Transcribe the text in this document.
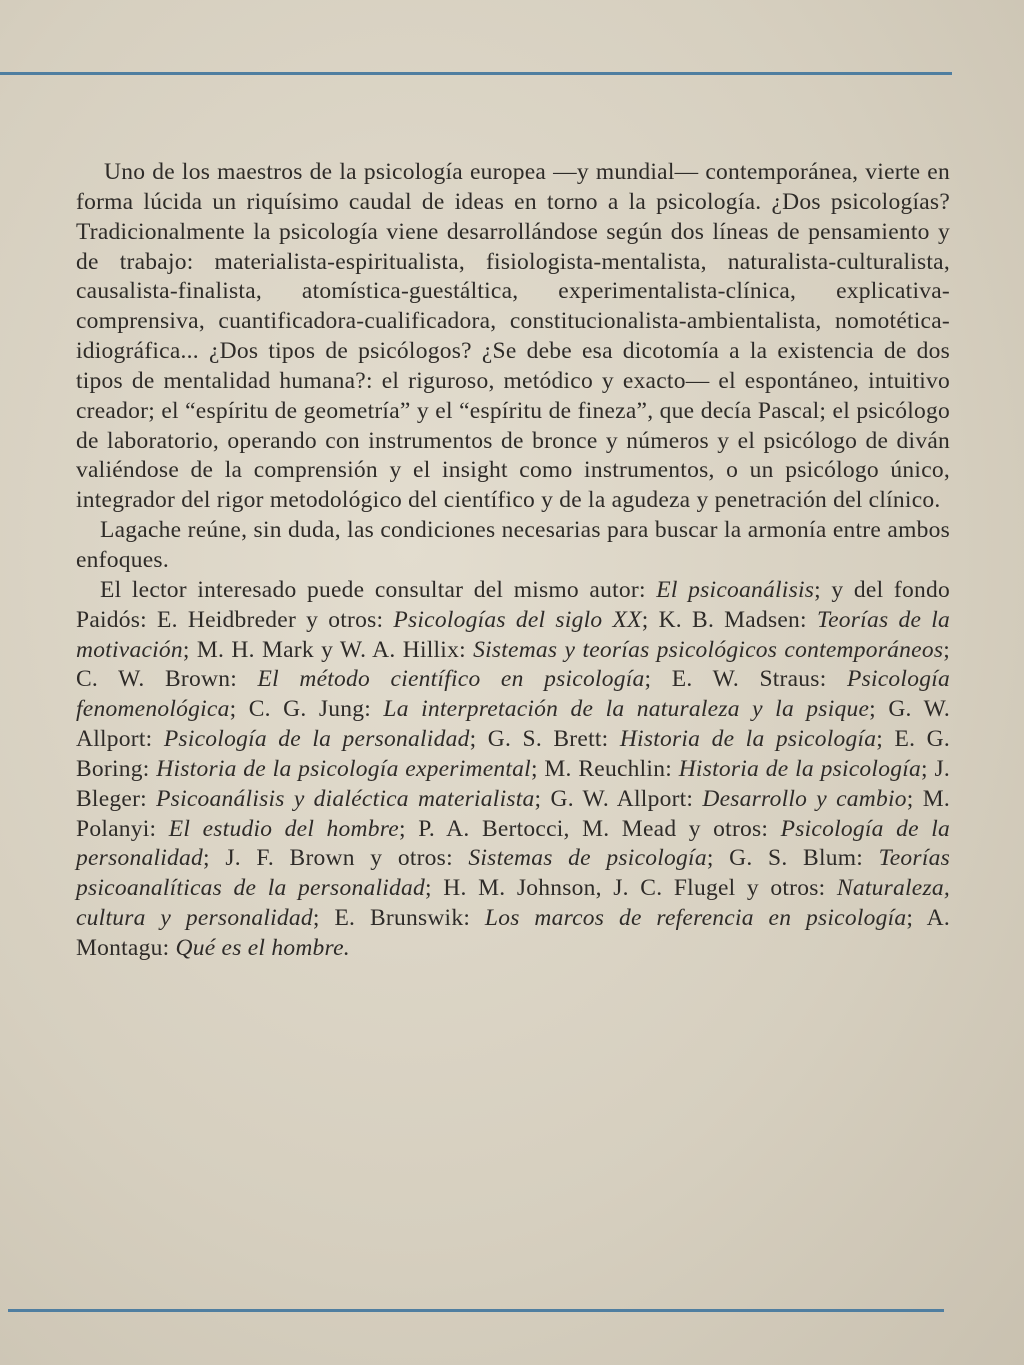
Uno de los maestros de la psicología europea —y mundial— contemporánea, vierte en forma lúcida un riquísimo caudal de ideas en torno a la psicología. ¿Dos psicologías? Tradicionalmente la psicología viene desarrollándose según dos líneas de pensamiento y de trabajo: materialista-espiritualista, fisiologista-mentalista, naturalista-culturalista, causalista-finalista, atomística-guestáltica, experimentalista-clínica, explicativa-comprensiva, cuantificadora-cualificadora, constitucionalista-ambientalista, nomotética-idiográfica... ¿Dos tipos de psicólogos? ¿Se debe esa dicotomía a la existencia de dos tipos de mentalidad humana?: el riguroso, metódico y exacto— el espontáneo, intuitivo creador; el “espíritu de geometría” y el “espíritu de fineza”, que decía Pascal; el psicólogo de laboratorio, operando con instrumentos de bronce y números y el psicólogo de diván valiéndose de la comprensión y el insight como instrumentos, o un psicólogo único, integrador del rigor metodológico del científico y de la agudeza y penetración del clínico.

Lagache reúne, sin duda, las condiciones necesarias para buscar la armonía entre ambos enfoques.

El lector interesado puede consultar del mismo autor: El psicoanálisis; y del fondo Paidós: E. Heidbreder y otros: Psicologías del siglo XX; K. B. Madsen: Teorías de la motivación; M. H. Mark y W. A. Hillix: Sistemas y teorías psicológicos contemporáneos; C. W. Brown: El método científico en psicología; E. W. Straus: Psicología fenomenológica; C. G. Jung: La interpretación de la naturaleza y la psique; G. W. Allport: Psicología de la personalidad; G. S. Brett: Historia de la psicología; E. G. Boring: Historia de la psicología experimental; M. Reuchlin: Historia de la psicología; J. Bleger: Psicoanálisis y dialéctica materialista; G. W. Allport: Desarrollo y cambio; M. Polanyi: El estudio del hombre; P. A. Bertocci, M. Mead y otros: Psicología de la personalidad; J. F. Brown y otros: Sistemas de psicología; G. S. Blum: Teorías psicoanalíticas de la personalidad; H. M. Johnson, J. C. Flugel y otros: Naturaleza, cultura y personalidad; E. Brunswik: Los marcos de referencia en psicología; A. Montagu: Qué es el hombre.
